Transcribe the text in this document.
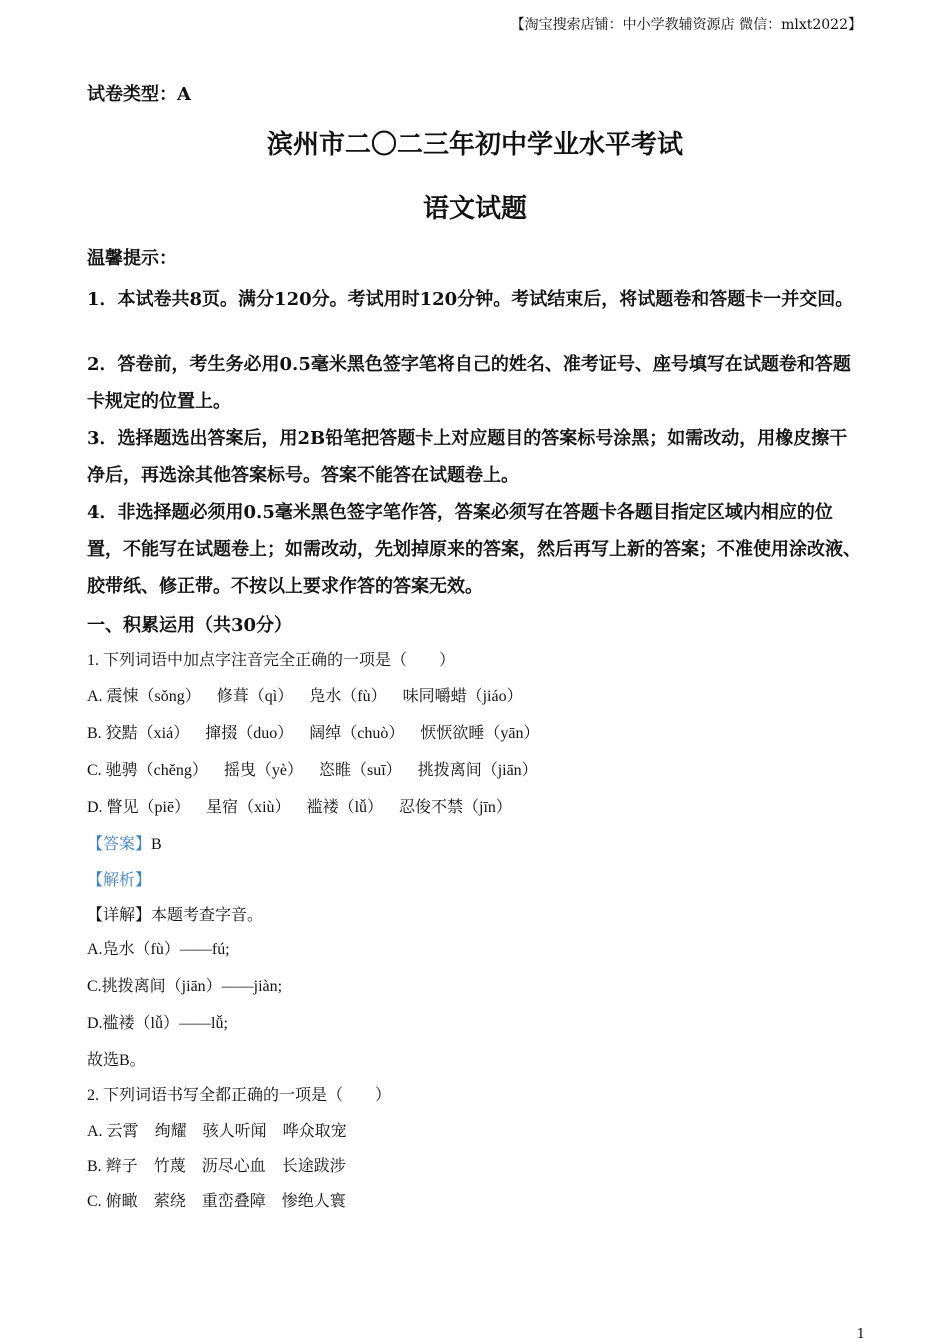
【淘宝搜索店铺：中小学教辅资源店 微信：mlxt2022】
试卷类型：A
滨州市二〇二三年初中学业水平考试
语文试题
温馨提示：
1．本试卷共8页。满分120分。考试用时120分钟。考试结束后，将试题卷和答题卡一并交回。
2．答卷前，考生务必用0.5毫米黑色签字笔将自己的姓名、准考证号、座号填写在试题卷和答题卡规定的位置上。
3．选择题选出答案后，用2B铅笔把答题卡上对应题目的答案标号涂黑；如需改动，用橡皮擦干净后，再选涂其他答案标号。答案不能答在试题卷上。
4．非选择题必须用0.5毫米黑色签字笔作答，答案必须写在答题卡各题目指定区域内相应的位置，不能写在试题卷上；如需改动，先划掉原来的答案，然后再写上新的答案；不准使用涂改液、胶带纸、修正带。不按以上要求作答的答案无效。
一、积累运用（共30分）
1. 下列词语中加点字注音完全正确的一项是（　　）
A. 震悚（sǒng） 修葺（qì） 凫水（fù） 味同嚼蜡（jiáo）
B. 狡黠（xiá） 撺掇（duo） 阔绰（chuò） 恹恹欲睡（yān）
C. 驰骋（chěng） 摇曳（yè） 恣睢（suī） 挑拨离间（jiān）
D. 瞥见（piē） 星宿（xiù） 褴褛（lǚ） 忍俊不禁（jīn）
【答案】B
【解析】
【详解】本题考查字音。
A.凫水（fù）——fú;
C.挑拨离间（jiān）——jiàn;
D.褴褛（lǚ）——lǚ;
故选B。
2. 下列词语书写全都正确的一项是（　　）
A. 云霄 绚耀 骇人听闻 哗众取宠
B. 辫子 竹蔑 沥尽心血 长途跋涉
C. 俯瞰 萦绕 重峦叠障 惨绝人寰
1
